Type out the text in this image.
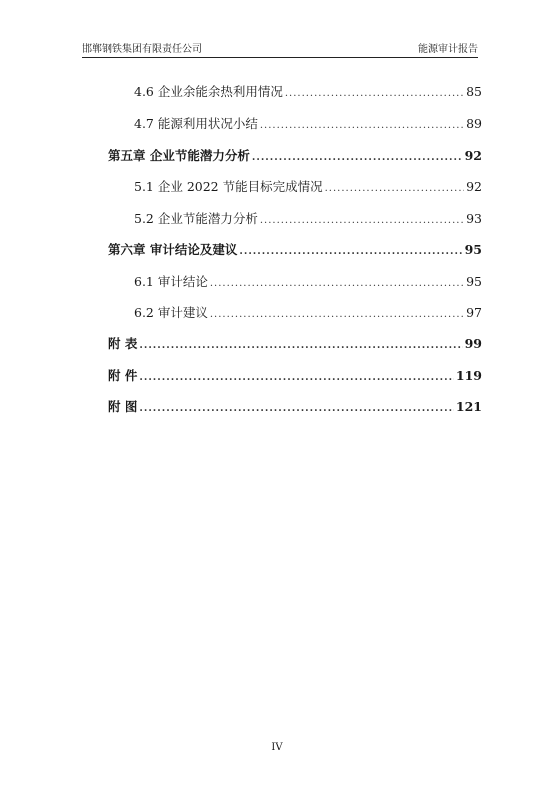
邯郸钢铁集团有限责任公司	能源审计报告
4.6 企业余能余热利用情况 .....	85
4.7 能源利用状况小结 .....	89
第五章 企业节能潜力分析 .....	92
5.1 企业 2022 节能目标完成情况 .....	92
5.2 企业节能潜力分析 .....	93
第六章 审计结论及建议 .....	95
6.1 审计结论 .....	95
6.2 审计建议 .....	97
附 表 .....	99
附 件 .....	119
附 图 .....	121
IV
